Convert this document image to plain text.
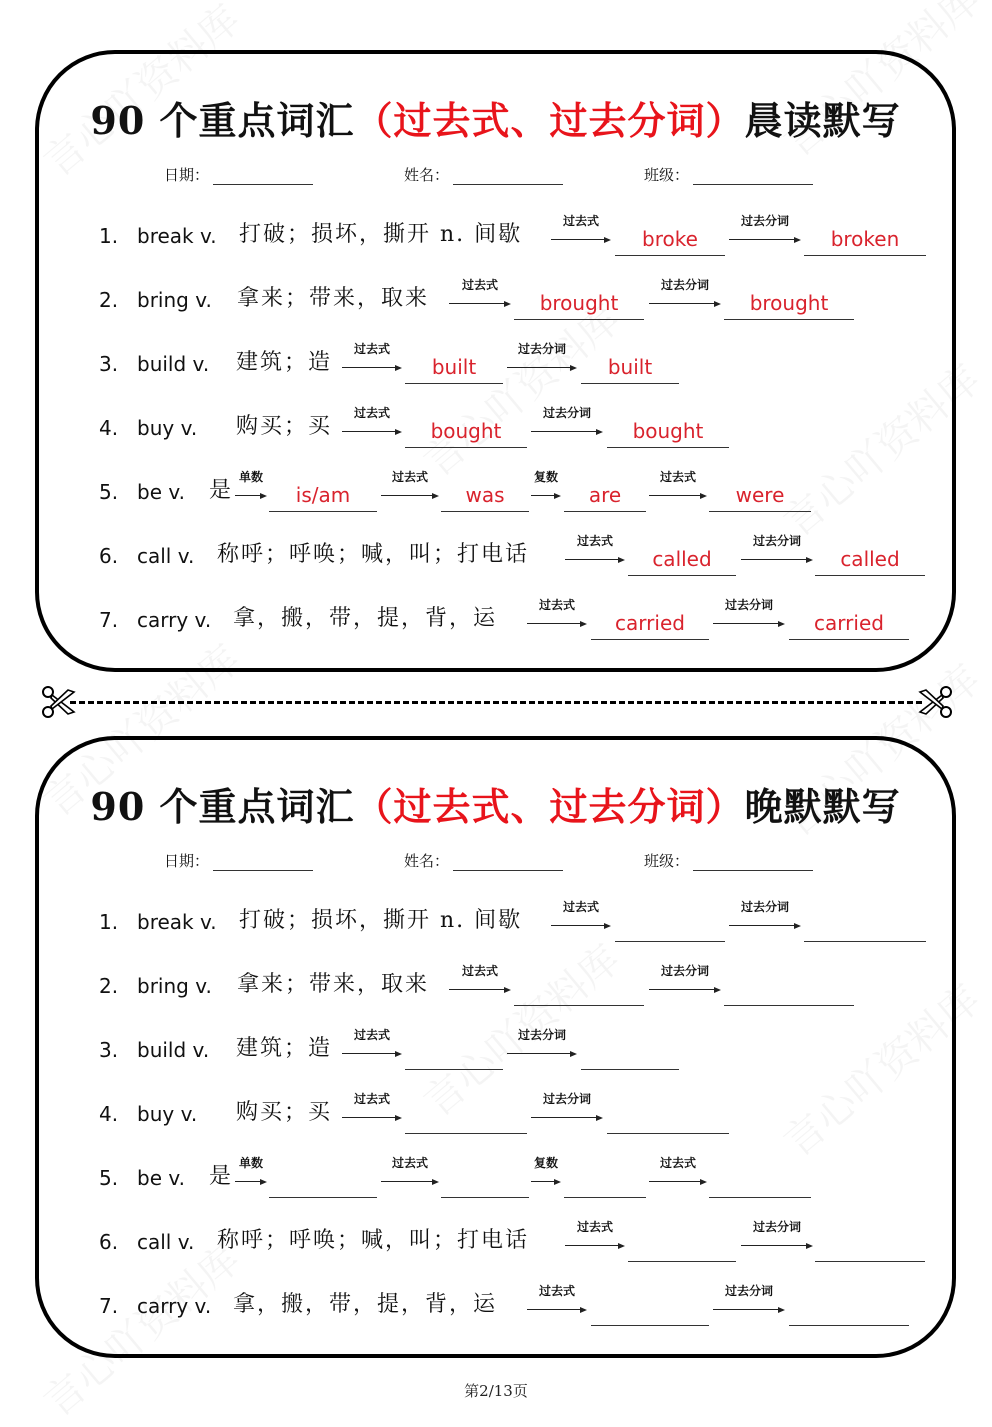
90 个重点词汇（过去式、过去分词）晨读默写
日期：	姓名：	班级：
1. break v. 打破；损坏，撕开 n. 间歇
过去式
broke
过去分词
broken
2. bring v. 拿来；带来，取来
过去式
brought
过去分词
brought
3. build v. 建筑；造
过去式
built
过去分词
built
4. buy v. 购买；买
过去式
bought
过去分词
bought
5. be v. 是
单数
is/am
过去式
was
复数
are
过去式
were
6. call v. 称呼；呼唤；喊，叫；打电话
过去式
called
过去分词
called
7. carry v. 拿，搬，带，提，背，运
过去式
carried
过去分词
carried
90 个重点词汇（过去式、过去分词）晚默默写
日期：	姓名：	班级：
1. break v. 打破；损坏，撕开 n. 间歇
过去式	过去分词
2. bring v. 拿来；带来，取来
过去式	过去分词
3. build v. 建筑；造
过去式	过去分词
4. buy v. 购买；买
过去式	过去分词
5. be v. 是
单数	过去式	复数	过去式
6. call v. 称呼；呼唤；喊，叫；打电话
过去式	过去分词
7. carry v. 拿，搬，带，提，背，运
过去式	过去分词
第2/13页
